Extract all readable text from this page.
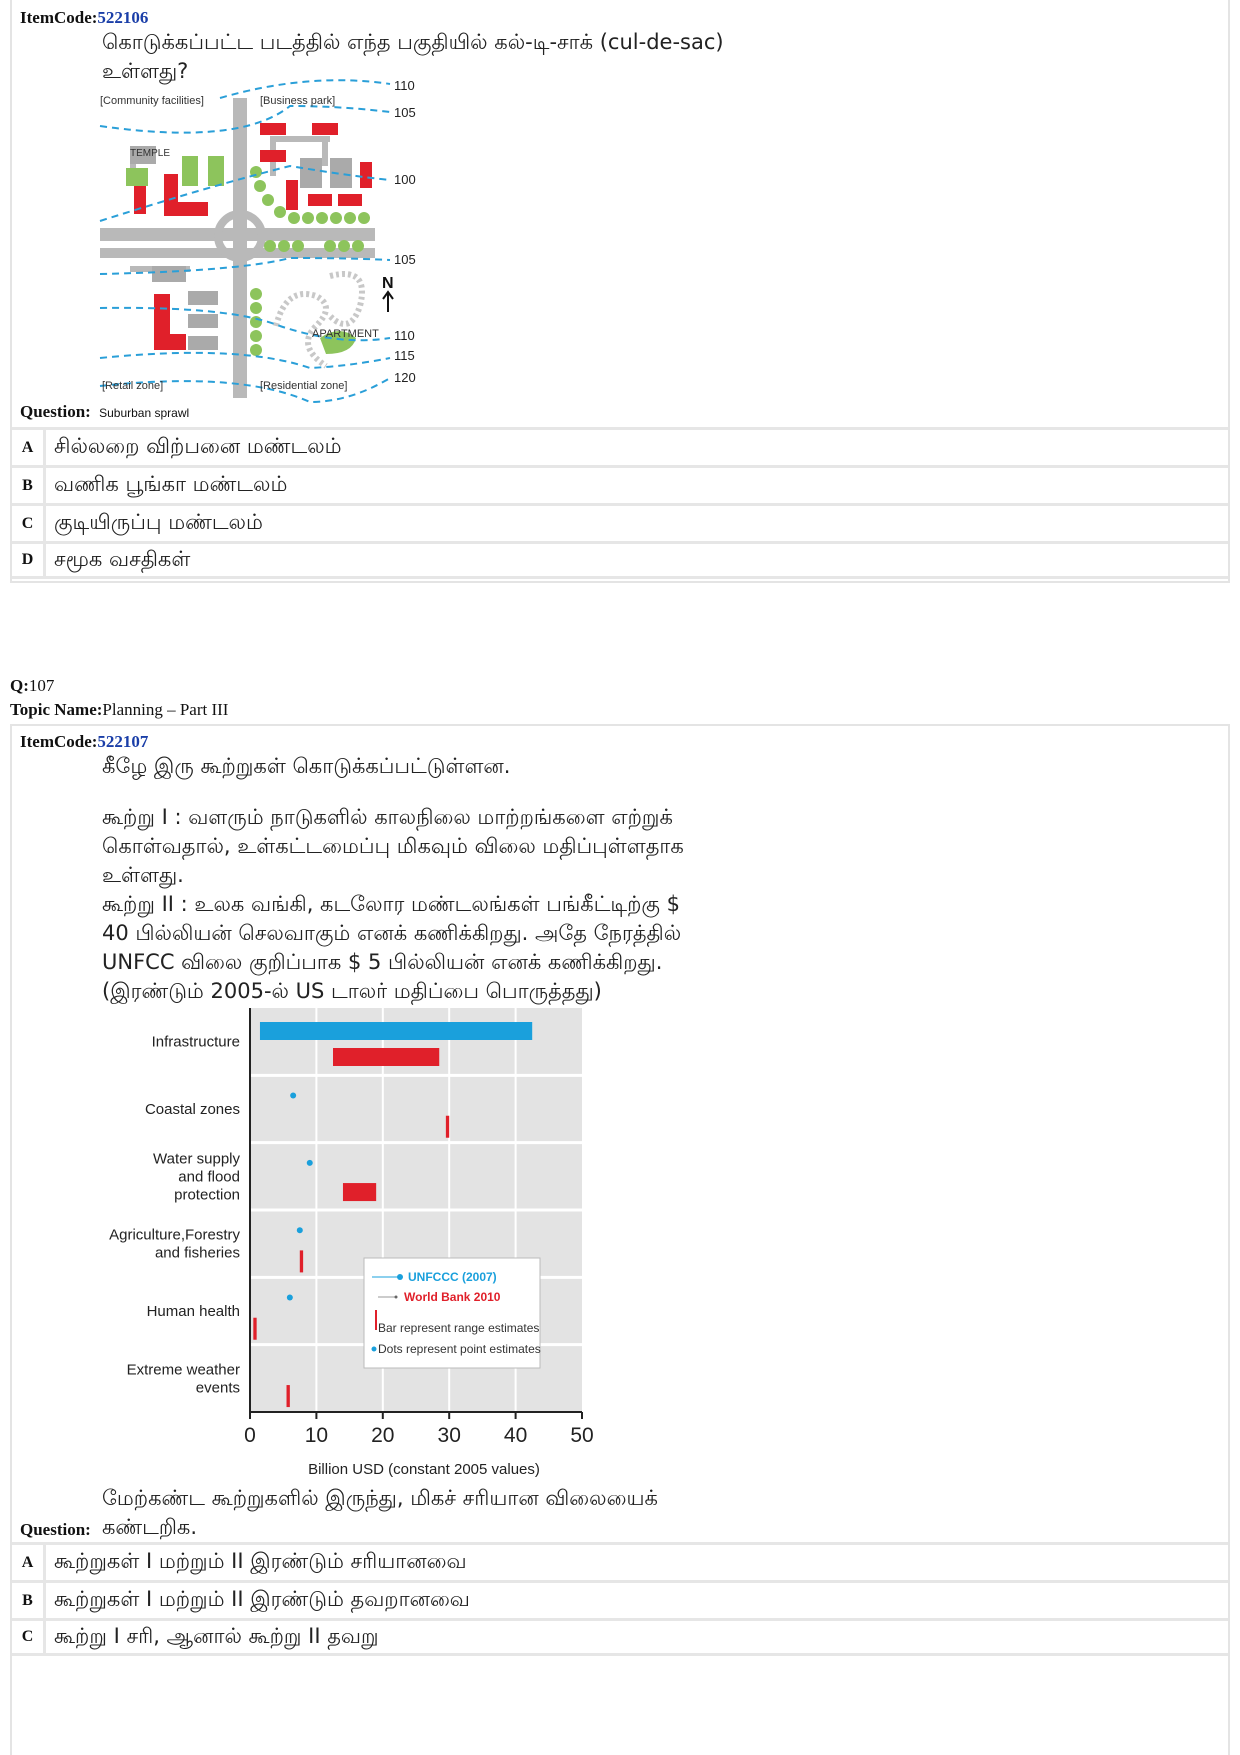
ItemCode:522106
கொடுக்கப்பட்ட படத்தில் எந்த பகுதியில் கல்-டி-சாக் (cul-de-sac) உள்ளது?
110
105
100
105
110
115
120
[Community facilities]	[Business park]
TEMPLE
[Retail zone]	[Residential zone]
APARTMENT
N
Question: Suburban sprawl
A சில்லறை விற்பனை மண்டலம்
B	வணிக பூங்கா மண்டலம்
C குடியிருப்பு மண்டலம்
D சமூக வசதிகள்
Q:107
Topic Name:Planning – Part III
ItemCode:522107
கீழே இரு கூற்றுகள் கொடுக்கப்பட்டுள்ளன.
கூற்று I : வளரும் நாடுகளில் காலநிலை மாற்றங்களை எற்றுக்
கொள்வதால், உள்கட்டமைப்பு மிகவும் விலை மதிப்புள்ளதாக
உள்ளது.
கூற்று II : உலக வங்கி, கடலோர மண்டலங்கள் பங்கீட்டிற்கு $
40 பில்லியன் செலவாகும் எனக் கணிக்கிறது. அதே நேரத்தில்
UNFCC விலை குறிப்பாக $ 5 பில்லியன் எனக் கணிக்கிறது.
(இரண்டும் 2005-ல் US டாலர் மதிப்பை பொருத்தது)
Infrastructure
Coastal zones
Water supply
and flood
protection
Agriculture,Forestry
and fisheries
Human health
Extreme weather
events
0 10 20 30 40 50
Billion USD (constant 2005 values)
UNFCCC (2007)
World Bank 2010
Bar represent range estimates
Dots represent point estimates
மேற்கண்ட கூற்றுகளில் இருந்து, மிகச் சரியான விலையைக்
கண்டறிக.
Question:
A கூற்றுகள் I மற்றும் II இரண்டும் சரியானவை
B	கூற்றுகள் I மற்றும் II இரண்டும் தவறானவை
C கூற்று I சரி, ஆனால் கூற்று II தவறு
